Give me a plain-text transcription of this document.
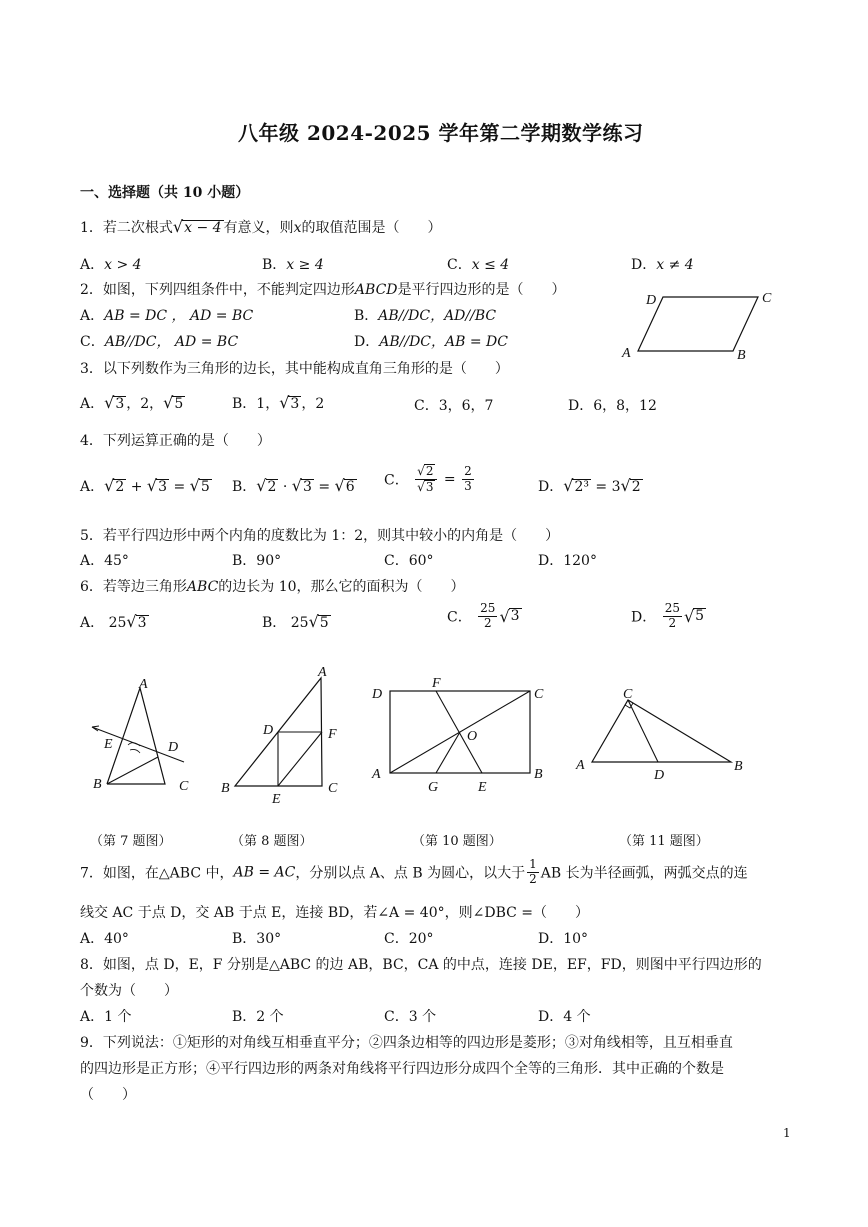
八年级 2024-2025 学年第二学期数学练习
一、选择题（共 10 小题）
1．若二次根式√x − 4 有意义，则x的取值范围是（　　）
A．x > 4	B．x ≥ 4	C．x ≤ 4	D．x ≠ 4
2．如图，下列四组条件中，不能判定四边形ABCD是平行四边形的是（　　）
A．AB = DC ， AD = BC	B．AB//DC，AD//BC
C．AB//DC， AD = BC	D．AB//DC，AB = DC
A	B
C
D
3．以下列数作为三角形的边长，其中能构成直角三角形的是（　　）
A．√3 ，2，√5	B．1，√3 ，2	C．3，6，7	D．6，8，12
4．下列运算正确的是（　　）
A．√2 + √3 = √5 B．√2 · √3 = √6 C． $\frac{√2}{√3} = \frac{2}{3}$	D．√2³ = 3√2
5．若平行四边形中两个内角的度数比为 1：2，则其中较小的内角是（　　）
A．45°	B．90°	C．60°	D．120°
6．若等边三角形ABC的边长为 10，那么它的面积为（　　）
A． 25√3	B． 25√5	C． $\frac{25}{2} √3$	D． $\frac{25}{2} √5$
A
B	C
D
E
A
B	C
D
E
F
D
F
C
O
A	B
G	E
C
A	B
D
（第 7 题图）	（第 8 题图）	（第 10 题图）	（第 11 题图）
7．如图，在△ABC 中，AB = AC，分别以点 A、点 B 为圆心，以大于 $\frac{1}{2}$ AB 长为半径画弧，两弧交点的连
线交 AC 于点 D，交 AB 于点 E，连接 BD，若∠A = 40°，则∠DBC =（　　）
A．40°	B．30°	C．20°	D．10°
8．如图，点 D，E，F 分别是△ABC 的边 AB，BC，CA 的中点，连接 DE，EF，FD，则图中平行四边形的
个数为（　　）
A．1 个	B．2 个	C．3 个	D．4 个
9．下列说法：①矩形的对角线互相垂直平分；②四条边相等的四边形是菱形；③对角线相等，且互相垂直
的四边形是正方形；④平行四边形的两条对角线将平行四边形分成四个全等的三角形．其中正确的个数是
（　　）
1
